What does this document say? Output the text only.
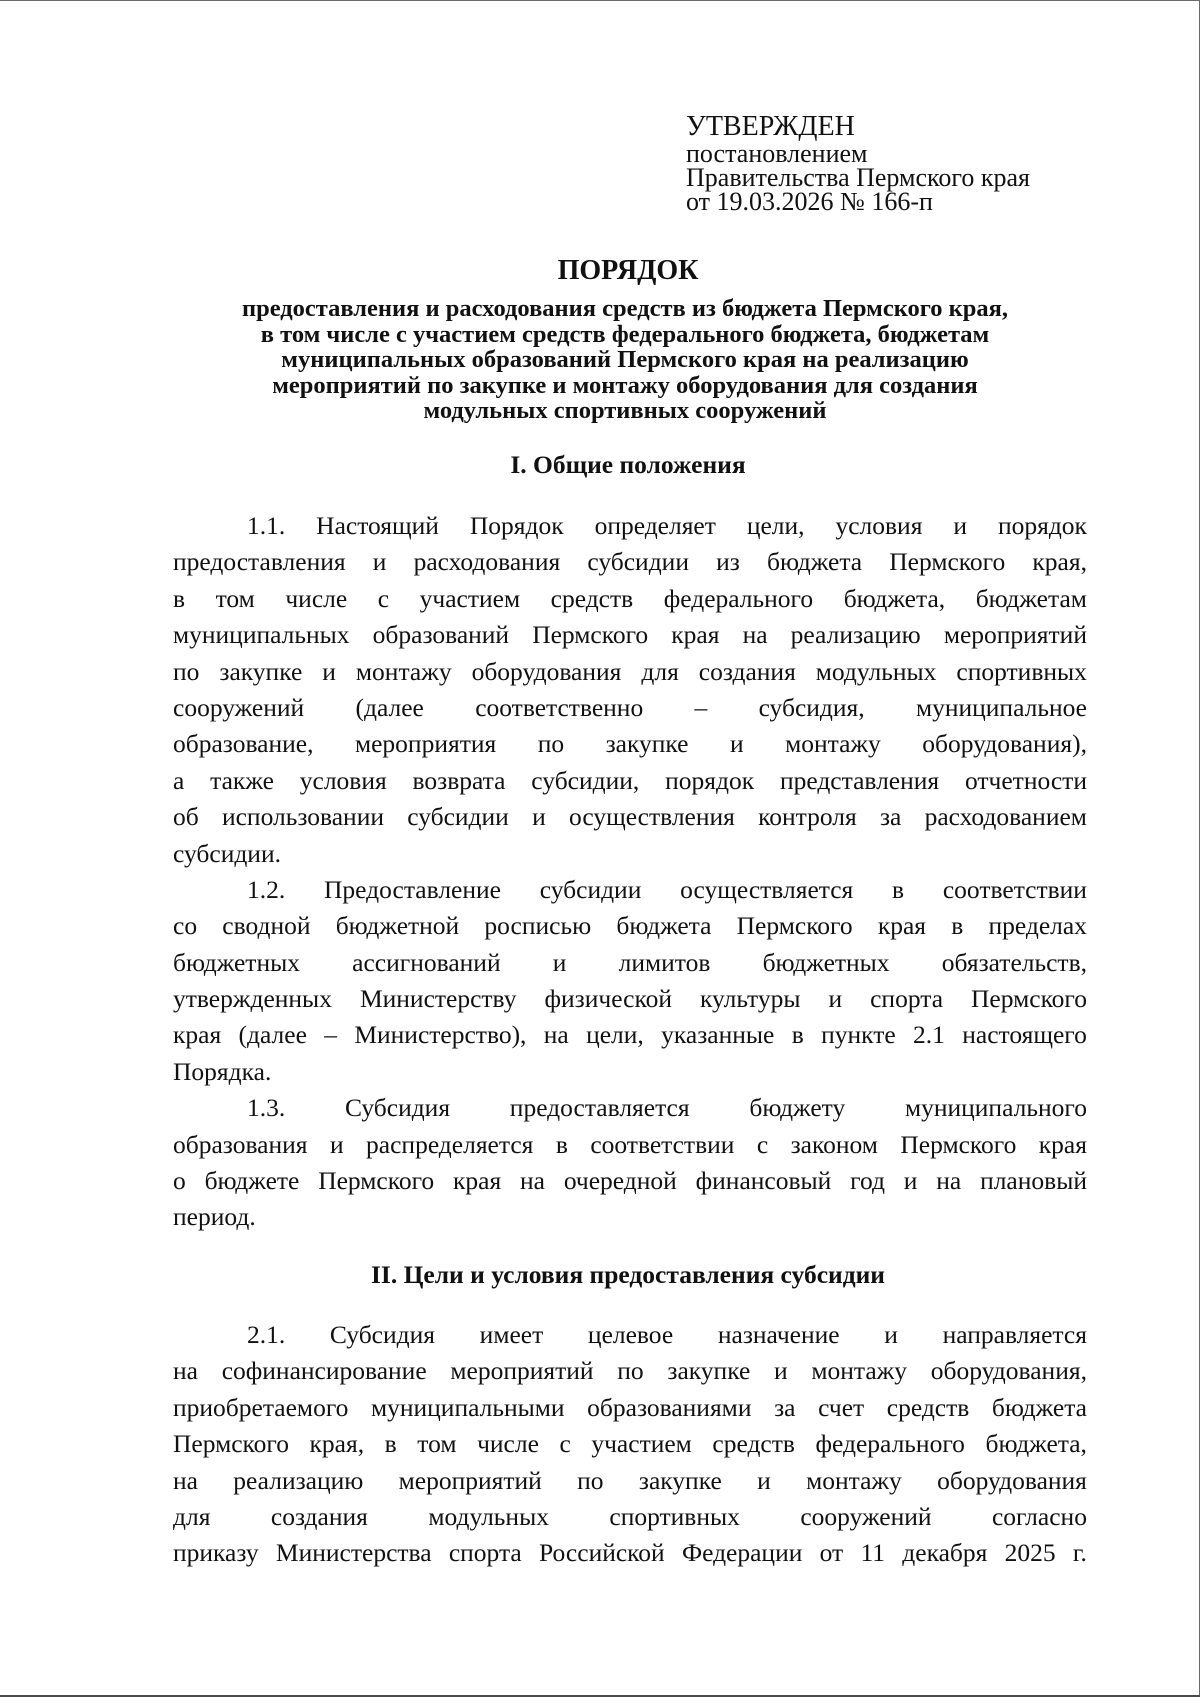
УТВЕРЖДЕН
постановлением
Правительства Пермского края
от 19.03.2026 № 166-п
ПОРЯДОК
предоставления и расходования средств из бюджета Пермского края,
в том числе с участием средств федерального бюджета, бюджетам
муниципальных образований Пермского края на реализацию
мероприятий по закупке и монтажу оборудования для создания
модульных спортивных сооружений
I. Общие положения
1.1. Настоящий Порядок определяет цели, условия и порядок
предоставления и расходования субсидии из бюджета Пермского края,
в том числе с участием средств федерального бюджета, бюджетам
муниципальных образований Пермского края на реализацию мероприятий
по закупке и монтажу оборудования для создания модульных спортивных
сооружений (далее соответственно – субсидия, муниципальное
образование, мероприятия по закупке и монтажу оборудования),
а также условия возврата субсидии, порядок представления отчетности
об использовании субсидии и осуществления контроля за расходованием
субсидии.
1.2. Предоставление субсидии осуществляется в соответствии
со сводной бюджетной росписью бюджета Пермского края в пределах
бюджетных ассигнований и лимитов бюджетных обязательств,
утвержденных Министерству физической культуры и спорта Пермского
края (далее – Министерство), на цели, указанные в пункте 2.1 настоящего
Порядка.
1.3. Субсидия предоставляется бюджету муниципального
образования и распределяется в соответствии с законом Пермского края
о бюджете Пермского края на очередной финансовый год и на плановый
период.
II. Цели и условия предоставления субсидии
2.1. Субсидия имеет целевое назначение и направляется
на софинансирование мероприятий по закупке и монтажу оборудования,
приобретаемого муниципальными образованиями за счет средств бюджета
Пермского края, в том числе с участием средств федерального бюджета,
на реализацию мероприятий по закупке и монтажу оборудования
для создания модульных спортивных сооружений согласно
приказу Министерства спорта Российской Федерации от 11 декабря 2025 г.
